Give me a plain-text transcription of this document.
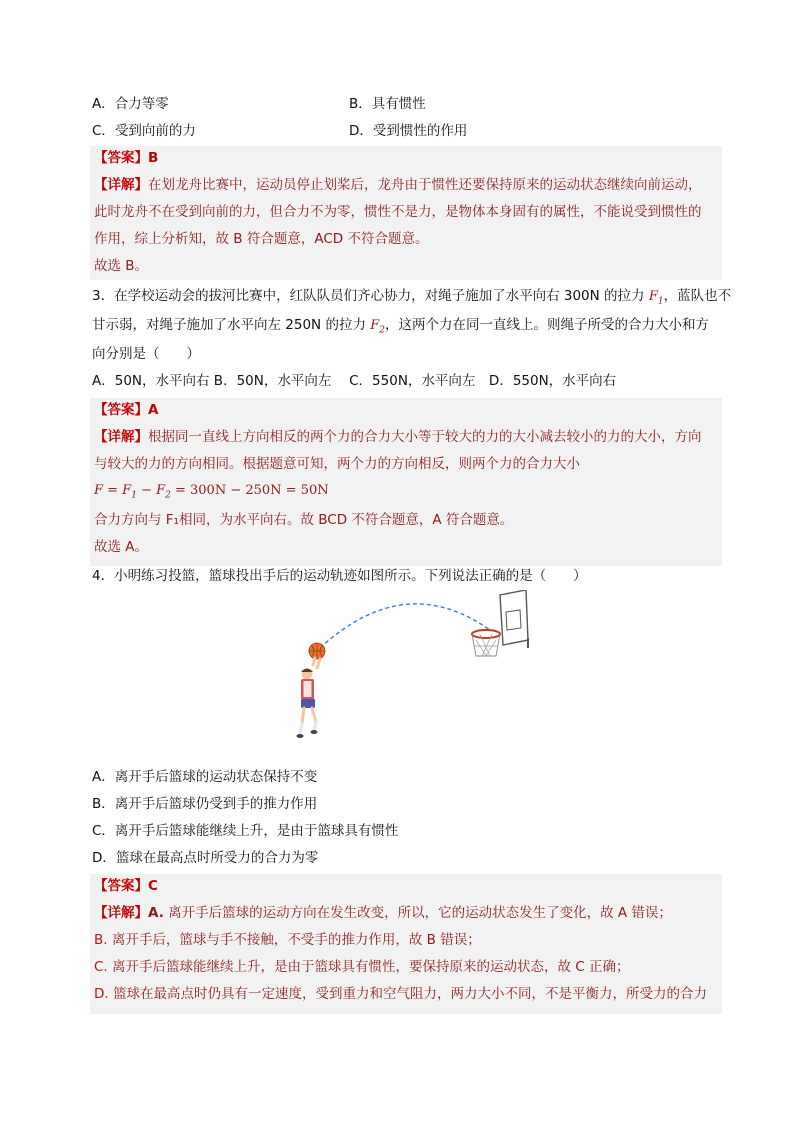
A．合力等零	B．具有惯性
C．受到向前的力	D．受到惯性的作用
【答案】B
【详解】在划龙舟比赛中，运动员停止划桨后，龙舟由于惯性还要保持原来的运动状态继续向前运动，
此时龙舟不在受到向前的力，但合力不为零，惯性不是力，是物体本身固有的属性，不能说受到惯性的
作用，综上分析知，故 B 符合题意，ACD 不符合题意。
故选 B。
3．在学校运动会的拔河比赛中，红队队员们齐心协力，对绳子施加了水平向右 300N 的拉力 $F_1$，蓝队也不
甘示弱，对绳子施加了水平向左 250N 的拉力 $F_2$，这两个力在同一直线上。则绳子所受的合力大小和方
向分别是（　　）
A．50N，水平向右 B．50N，水平向左　 C．550N，水平向左　D．550N，水平向右
【答案】A
【详解】根据同一直线上方向相反的两个力的合力大小等于较大的力的大小减去较小的力的大小，方向
与较大的力的方向相同。根据题意可知，两个力的方向相反，则两个力的合力大小
$F = F_1 - F_2 = 300N - 250N = 50N$
合力方向与 F₁相同，为水平向右。故 BCD 不符合题意，A 符合题意。
故选 A。
4．小明练习投篮，篮球投出手后的运动轨迹如图所示。下列说法正确的是（　　）
A．离开手后篮球的运动状态保持不变
B．离开手后篮球仍受到手的推力作用
C．离开手后篮球能继续上升，是由于篮球具有惯性
D．篮球在最高点时所受力的合力为零
【答案】C
【详解】A. 离开手后篮球的运动方向在发生改变，所以，它的运动状态发生了变化，故 A 错误；
B. 离开手后，篮球与手不接触，不受手的推力作用，故 B 错误；
C. 离开手后篮球能继续上升，是由于篮球具有惯性，要保持原来的运动状态，故 C 正确；
D. 篮球在最高点时仍具有一定速度，受到重力和空气阻力，两力大小不同，不是平衡力，所受力的合力
